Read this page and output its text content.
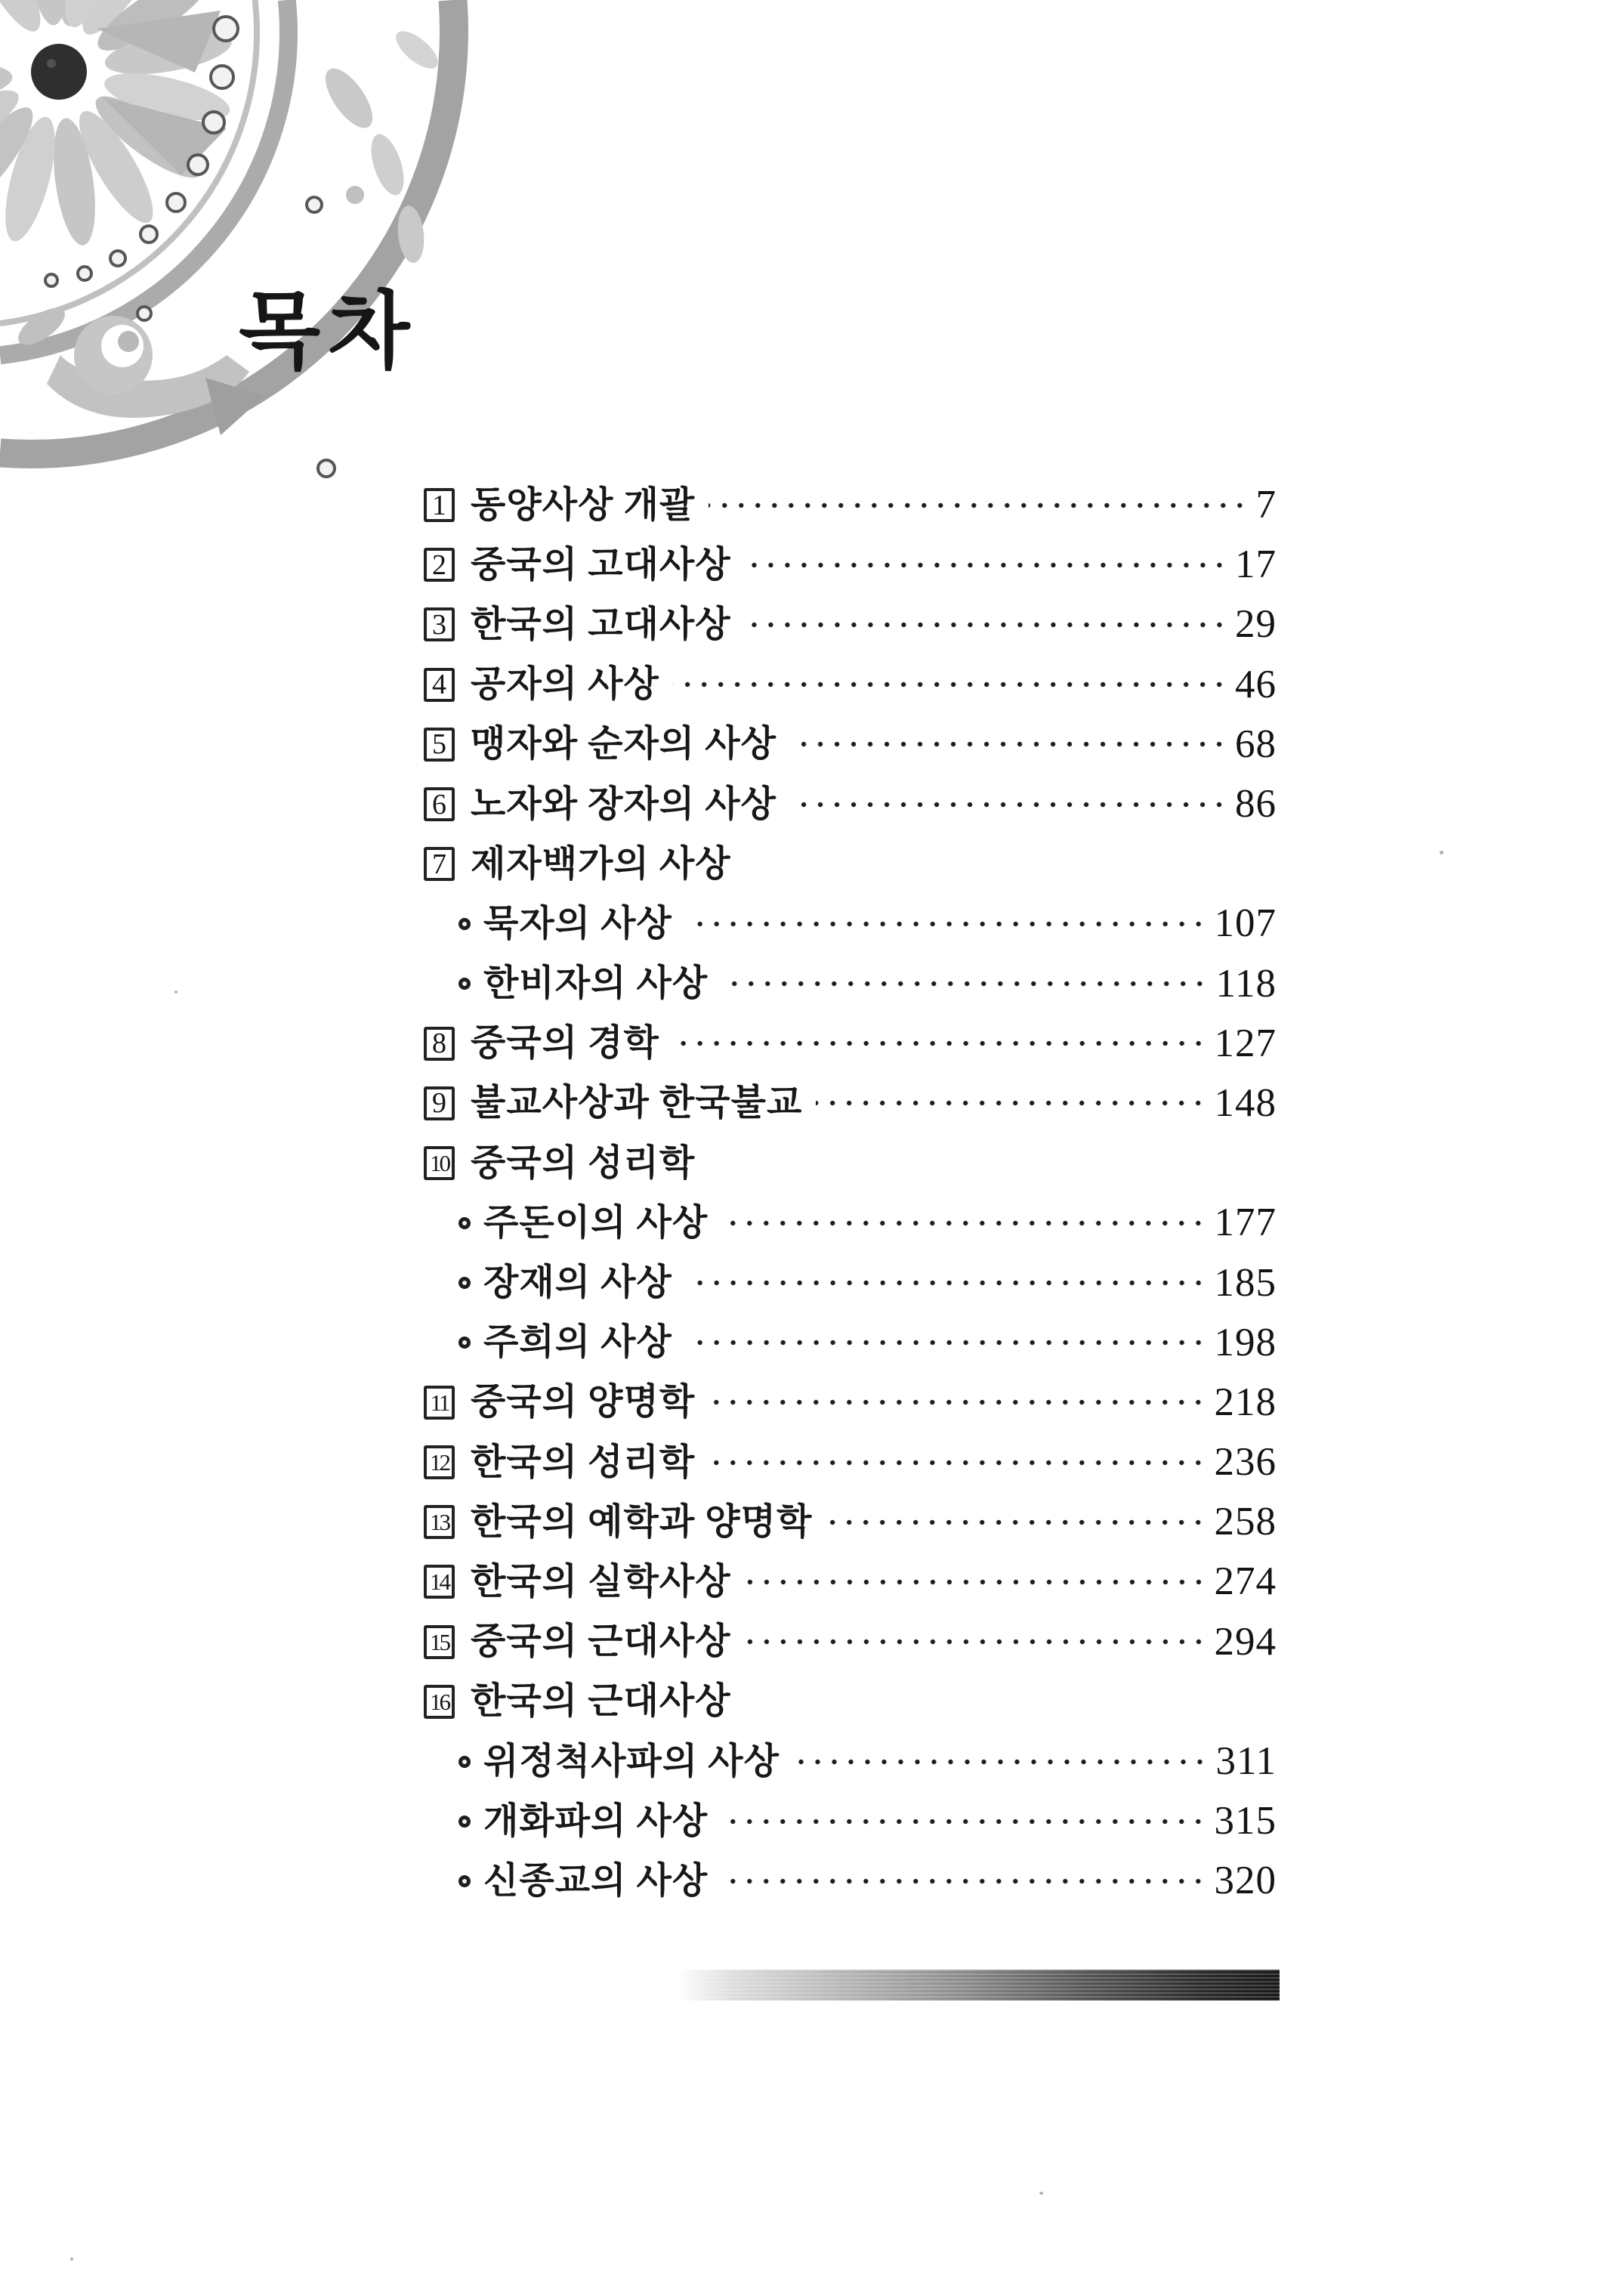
목차
1 동양사상 개괄	7
2 중국의 고대사상	17
3 한국의 고대사상	29
4 공자의 사상	46
5 맹자와 순자의 사상	68
6 노자와 장자의 사상	86
7 제자백가의 사상
묵자의 사상	107
한비자의 사상	118
8 중국의 경학	127
9 불교사상과 한국불교	148
10 중국의 성리학
주돈이의 사상	177
장재의 사상	185
주희의 사상	198
11 중국의 양명학	218
12 한국의 성리학	236
13 한국의 예학과 양명학	258
14 한국의 실학사상	274
15 중국의 근대사상	294
16 한국의 근대사상
위정척사파의 사상	311
개화파의 사상	315
신종교의 사상	320
